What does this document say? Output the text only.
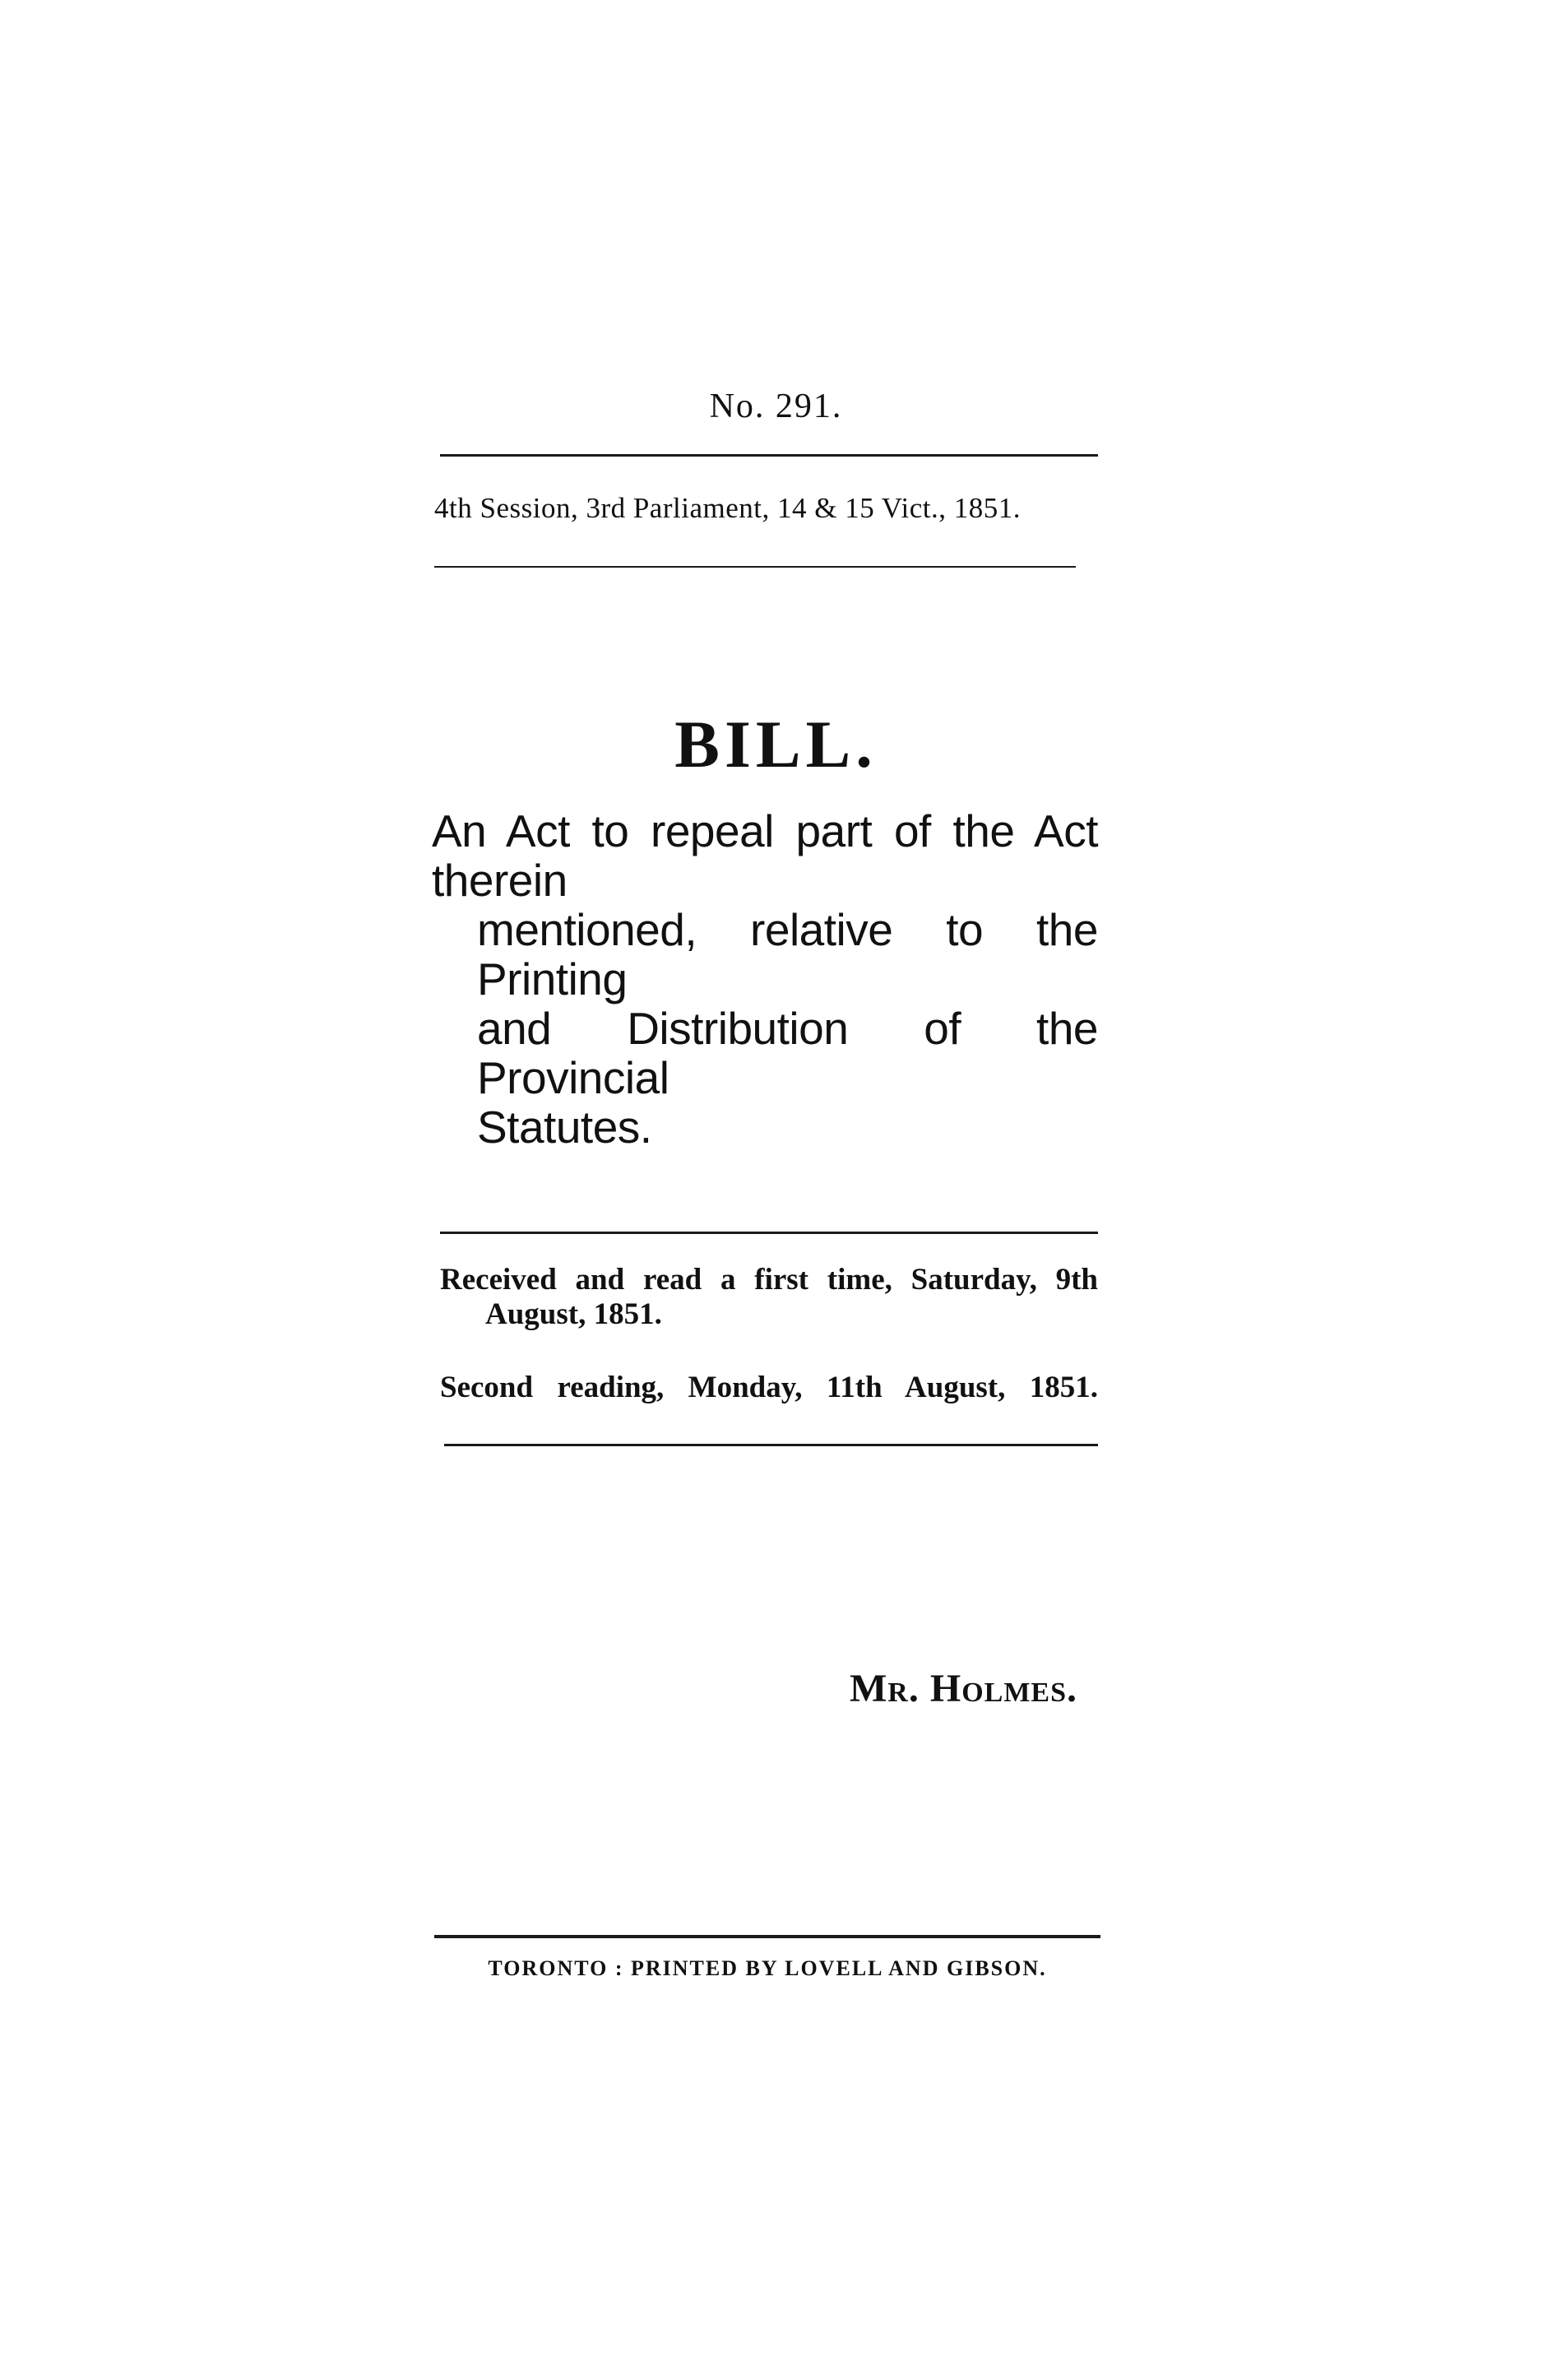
No. 291.
4th Session, 3rd Parliament, 14 & 15 Vict., 1851.
BILL.
An Act to repeal part of the Act therein
mentioned, relative to the Printing
and Distribution of the Provincial
Statutes.
Received and read a first time, Saturday, 9th
August, 1851.
Second reading, Monday, 11th August, 1851.
Mr. Holmes.
TORONTO : PRINTED BY LOVELL AND GIBSON.
